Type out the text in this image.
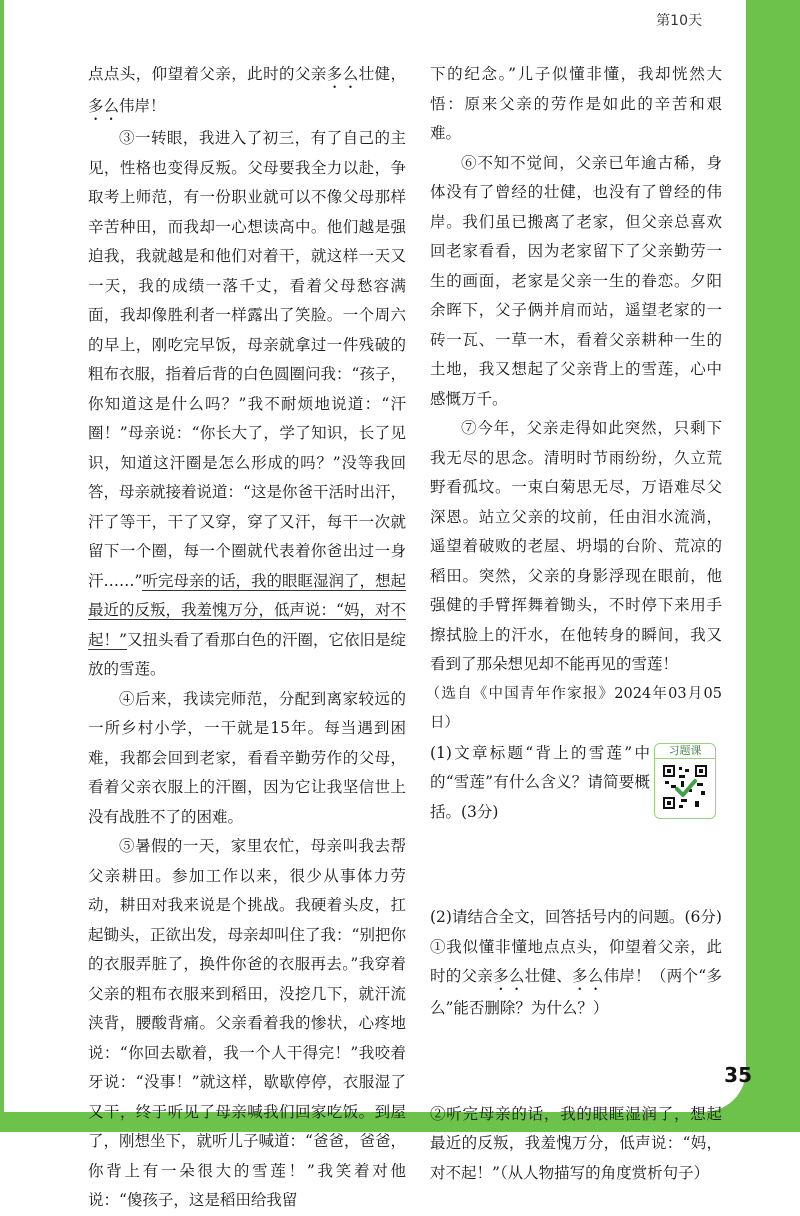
第10天

点点头，仰望着父亲，此时的父亲多么壮健，多么伟岸！

③一转眼，我进入了初三，有了自己的主见，性格也变得反叛。父母要我全力以赴，争取考上师范，有一份职业就可以不像父母那样辛苦种田，而我却一心想读高中。他们越是强迫我，我就越是和他们对着干，就这样一天又一天，我的成绩一落千丈，看着父母愁容满面，我却像胜利者一样露出了笑脸。一个周六的早上，刚吃完早饭，母亲就拿过一件残破的粗布衣服，指着后背的白色圆圈问我：“孩子，你知道这是什么吗？”我不耐烦地说道：“汗圈！”母亲说：“你长大了，学了知识，长了见识，知道这汗圈是怎么形成的吗？”没等我回答，母亲就接着说道：“这是你爸干活时出汗，汗了等干，干了又穿，穿了又汗，每干一次就留下一个圈，每一个圈就代表着你爸出过一身汗……”听完母亲的话，我的眼眶湿润了，想起最近的反叛，我羞愧万分，低声说：“妈，对不起！”又扭头看了看那白色的汗圈，它依旧是绽放的雪莲。

④后来，我读完师范，分配到离家较远的一所乡村小学，一干就是15年。每当遇到困难，我都会回到老家，看看辛勤劳作的父母，看着父亲衣服上的汗圈，因为它让我坚信世上没有战胜不了的困难。

⑤暑假的一天，家里农忙，母亲叫我去帮父亲耕田。参加工作以来，很少从事体力劳动，耕田对我来说是个挑战。我硬着头皮，扛起锄头，正欲出发，母亲却叫住了我：“别把你的衣服弄脏了，换件你爸的衣服再去。”我穿着父亲的粗布衣服来到稻田，没挖几下，就汗流浃背，腰酸背痛。父亲看着我的惨状，心疼地说：“你回去歇着，我一个人干得完！”我咬着牙说：“没事！”就这样，歇歇停停，衣服湿了又干，终于听见了母亲喊我们回家吃饭。到屋了，刚想坐下，就听儿子喊道：“爸爸，爸爸，你背上有一朵很大的雪莲！”我笑着对他说：“傻孩子，这是稻田给我留

下的纪念。”儿子似懂非懂，我却恍然大悟：原来父亲的劳作是如此的辛苦和艰难。

⑥不知不觉间，父亲已年逾古稀，身体没有了曾经的壮健，也没有了曾经的伟岸。我们虽已搬离了老家，但父亲总喜欢回老家看看，因为老家留下了父亲勤劳一生的画面，老家是父亲一生的眷恋。夕阳余晖下，父子俩并肩而站，遥望老家的一砖一瓦、一草一木，看着父亲耕种一生的土地，我又想起了父亲背上的雪莲，心中感慨万千。

⑦今年，父亲走得如此突然，只剩下我无尽的思念。清明时节雨纷纷，久立荒野看孤坟。一束白菊思无尽，万语难尽父深恩。站立父亲的坟前，任由泪水流淌，遥望着破败的老屋、坍塌的台阶、荒凉的稻田。突然，父亲的身影浮现在眼前，他强健的手臂挥舞着锄头，不时停下来用手擦拭脸上的汗水，在他转身的瞬间，我又看到了那朵想见却不能再见的雪莲！

（选自《中国青年作家报》2024年03月05日）

(1)文章标题“背上的雪莲”中的“雪莲”有什么含义？请简要概括。(3分)

习题课

(2)请结合全文，回答括号内的问题。(6分)

①我似懂非懂地点点头，仰望着父亲，此时的父亲多么壮健、多么伟岸！（两个“多么”能否删除？为什么？）

②听完母亲的话，我的眼眶湿润了，想起最近的反叛，我羞愧万分，低声说：“妈，对不起！”（从人物描写的角度赏析句子）

35
